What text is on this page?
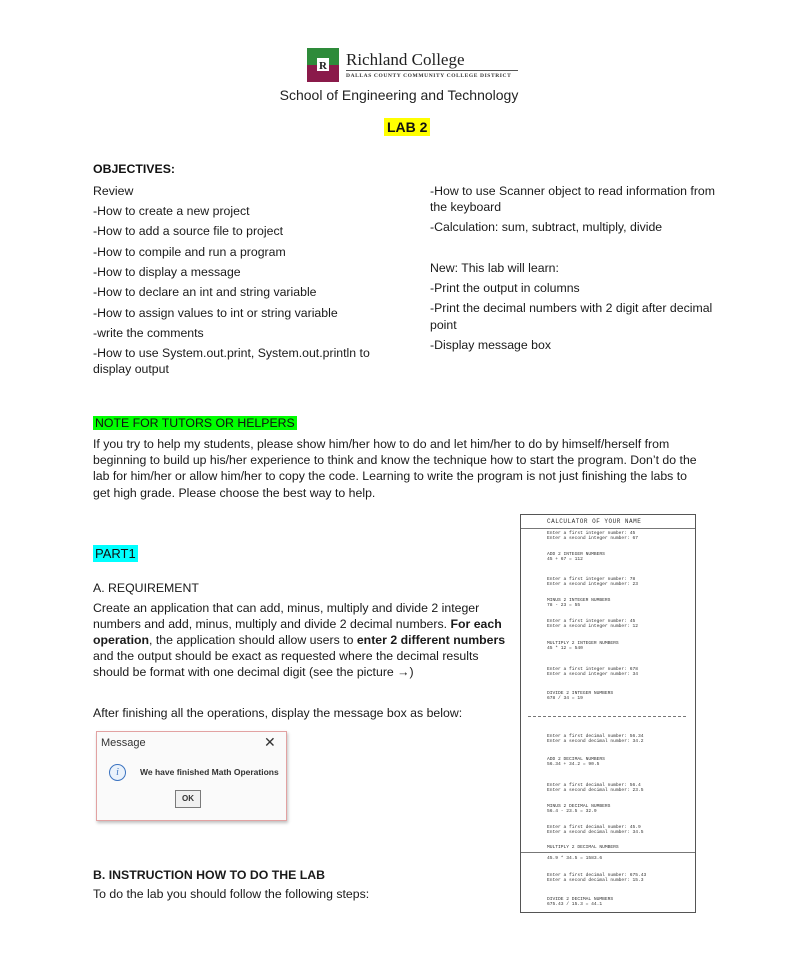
R Richland College
DALLAS COUNTY COMMUNITY COLLEGE DISTRICT
School of Engineering and Technology
LAB 2
OBJECTIVES:
Review
-How to create a new project
-How to add a source file to project
-How to compile and run a program
-How to display a message
-How to declare an int and string variable
-How to assign values to int or string variable
-write the comments
-How to use System.out.print, System.out.println to
display output
-How to use Scanner object to read information from
the keyboard
-Calculation: sum, subtract, multiply, divide
New: This lab will learn:
-Print the output in columns
-Print the decimal numbers with 2 digit after decimal
point
-Display message box
NOTE FOR TUTORS OR HELPERS
If you try to help my students, please show him/her how to do and let him/her to do by himself/herself from
beginning to build up his/her experience to think and know the technique how to start the program. Don’t do the
lab for him/her or allow him/her to copy the code. Learning to write the program is not just finishing the labs to
get high grade. Please choose the best way to help.
PART1
A. REQUIREMENT
Create an application that can add, minus, multiply and divide 2 integer
numbers and add, minus, multiply and divide 2 decimal numbers. For each
operation, the application should allow users to enter 2 different numbers
and the output should be exact as requested where the decimal results
should be format with one decimal digit (see the picture →)
After finishing all the operations, display the message box as below:
Message	✕
i	We have finished Math Operations
OK
B. INSTRUCTION HOW TO DO THE LAB
To do the lab you should follow the following steps:
CALCULATOR OF YOUR NAME
Enter a first integer number: 45
Enter a second integer number: 67
ADD 2 INTEGER NUMBERS
45 + 67 = 112
Enter a first integer number: 78
Enter a second integer number: 23
MINUS 2 INTEGER NUMBERS
78 - 23 = 55
Enter a first integer number: 45
Enter a second integer number: 12
MULTIPLY 2 INTEGER NUMBERS
45 * 12 = 540
Enter a first integer number: 678
Enter a second integer number: 34
DIVIDE 2 INTEGER NUMBERS
678 / 34 = 19
Enter a first decimal number: 56.34
Enter a second decimal number: 34.2
ADD 2 DECIMAL NUMBERS
56.34 + 34.2 = 90.5
Enter a first decimal number: 56.4
Enter a second decimal number: 23.5
MINUS 2 DECIMAL NUMBERS
56.4 - 23.5 = 32.9
Enter a first decimal number: 45.9
Enter a second decimal number: 34.5
MULTIPLY 2 DECIMAL NUMBERS
45.9 * 34.5 = 1583.6
Enter a first decimal number: 675.43
Enter a second decimal number: 15.3
DIVIDE 2 DECIMAL NUMBERS
675.43 / 15.3 = 44.1
